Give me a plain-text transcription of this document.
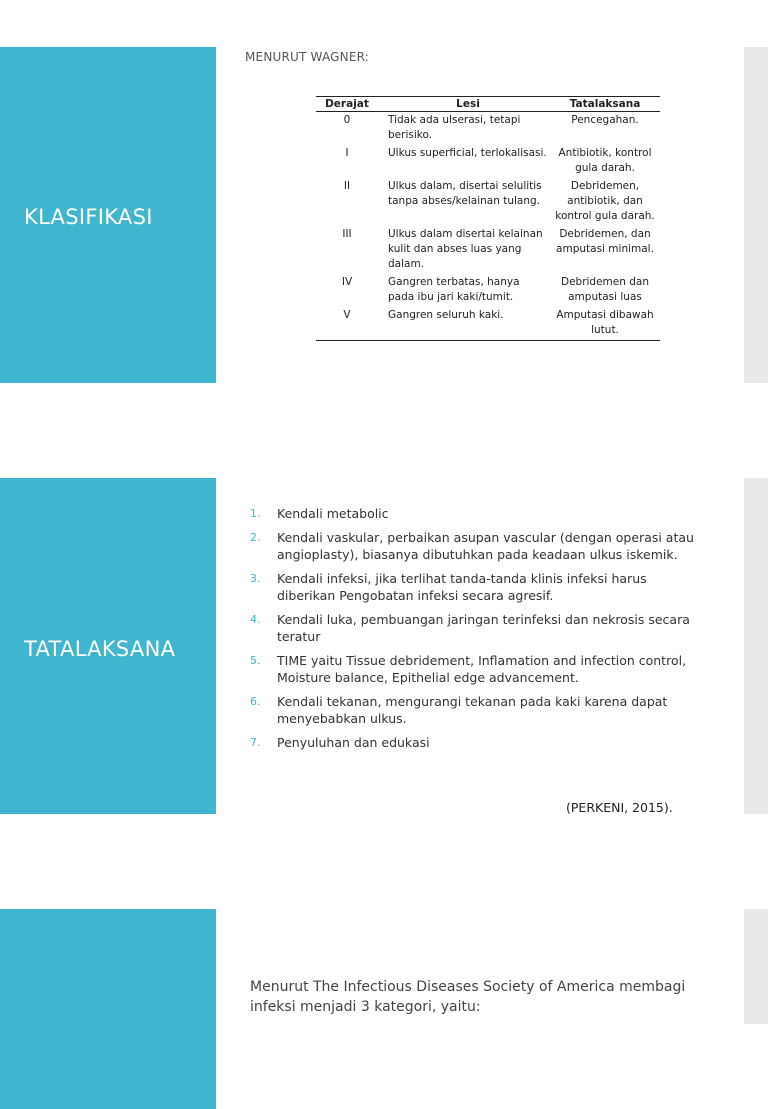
KLASIFIKASI
MENURUT WAGNER:
Derajat	Lesi	Tatalaksana
0	Tidak ada ulserasi, tetapi berisiko.	Pencegahan.
I	Ulkus superficial, terlokalisasi.	Antibiotik, kontrol gula darah.
II	Ulkus dalam, disertai selulitis tanpa abses/kelainan tulang.	Debridemen, antibiotik, dan kontrol gula darah.
III	Ulkus dalam disertai kelainan kulit dan abses luas yang dalam.	Debridemen, dan amputasi minimal.
IV	Gangren terbatas, hanya pada ibu jari kaki/tumit.	Debridemen dan amputasi luas
V	Gangren seluruh kaki.	Amputasi dibawah lutut.
TATALAKSANA
1.	Kendali metabolic
2.	Kendali vaskular, perbaikan asupan vascular (dengan operasi atau angioplasty), biasanya dibutuhkan pada keadaan ulkus iskemik.
3.	Kendali infeksi, jika terlihat tanda-tanda klinis infeksi harus diberikan Pengobatan infeksi secara agresif.
4.	Kendali luka, pembuangan jaringan terinfeksi dan nekrosis secara teratur
5.	TIME yaitu Tissue debridement, Inflamation and infection control, Moisture balance, Epithelial edge advancement.
6.	Kendali tekanan, mengurangi tekanan pada kaki karena dapat menyebabkan ulkus.
7.	Penyuluhan dan edukasi
(PERKENI, 2015).

Menurut The Infectious Diseases Society of America membagi infeksi menjadi 3 kategori, yaitu:
